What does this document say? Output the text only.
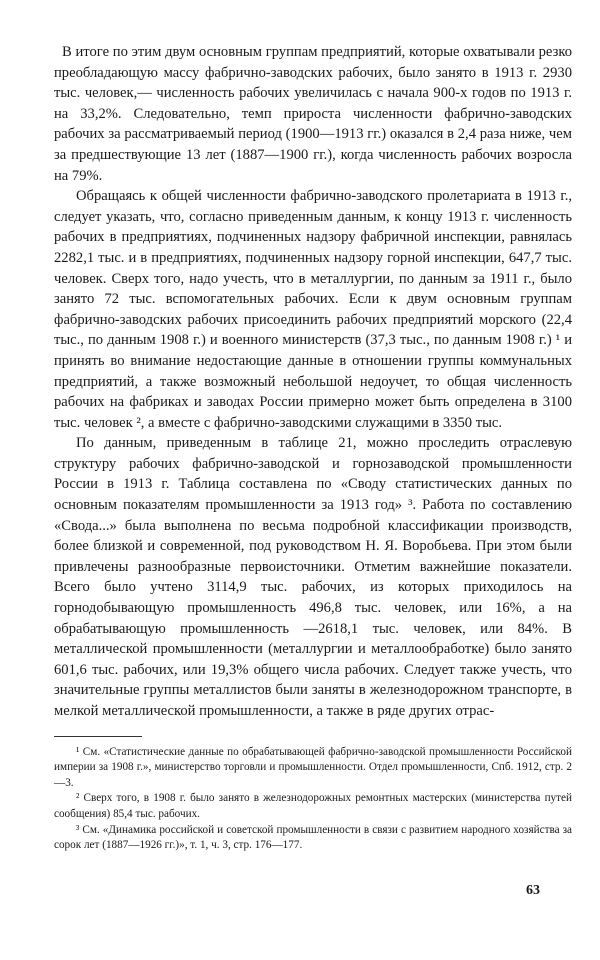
В итоге по этим двум основным группам предприятий, которые охватывали резко преобладающую массу фабрично-заводских рабочих, было занято в 1913 г. 2930 тыс. человек,— численность рабочих увеличилась с начала 900-х годов по 1913 г. на 33,2%. Следовательно, темп прироста численности фабрично-заводских рабочих за рассматриваемый период (1900—1913 гг.) оказался в 2,4 раза ниже, чем за предшествующие 13 лет (1887—1900 гг.), когда численность рабочих возросла на 79%.

Обращаясь к общей численности фабрично-заводского пролетариата в 1913 г., следует указать, что, согласно приведенным данным, к концу 1913 г. численность рабочих в предприятиях, подчиненных надзору фабричной инспекции, равнялась 2282,1 тыс. и в предприятиях, подчиненных надзору горной инспекции, 647,7 тыс. человек. Сверх того, надо учесть, что в металлургии, по данным за 1911 г., было занято 72 тыс. вспомогательных рабочих. Если к двум основным группам фабрично-заводских рабочих присоединить рабочих предприятий морского (22,4 тыс., по данным 1908 г.) и военного министерств (37,3 тыс., по данным 1908 г.) ¹ и принять во внимание недостающие данные в отношении группы коммунальных предприятий, а также возможный небольшой недоучет, то общая численность рабочих на фабриках и заводах России примерно может быть определена в 3100 тыс. человек ², а вместе с фабрично-заводскими служащими в 3350 тыс.

По данным, приведенным в таблице 21, можно проследить отраслевую структуру рабочих фабрично-заводской и горнозаводской промышленности России в 1913 г. Таблица составлена по «Своду статистических данных по основным показателям промышленности за 1913 год» ³. Работа по составлению «Свода...» была выполнена по весьма подробной классификации производств, более близкой и современной, под руководством Н. Я. Воробьева. При этом были привлечены разнообразные первоисточники. Отметим важнейшие показатели. Всего было учтено 3114,9 тыс. рабочих, из которых приходилось на горнодобывающую промышленность 496,8 тыс. человек, или 16%, а на обрабатывающую промышленность —2618,1 тыс. человек, или 84%. В металлической промышленности (металлургии и металлообработке) было занято 601,6 тыс. рабочих, или 19,3% общего числа рабочих. Следует также учесть, что значительные группы металлистов были заняты в железнодорожном транспорте, в мелкой металлической промышленности, а также в ряде других отрас-

¹ См. «Статистические данные по обрабатывающей фабрично-заводской промышленности Российской империи за 1908 г.», министерство торговли и промышленности. Отдел промышленности, Спб. 1912, стр. 2—3.

² Сверх того, в 1908 г. было занято в железнодорожных ремонтных мастерских (министерства путей сообщения) 85,4 тыс. рабочих.

³ См. «Динамика российской и советской промышленности в связи с развитием народного хозяйства за сорок лет (1887—1926 гг.)», т. 1, ч. 3, стр. 176—177.

63
